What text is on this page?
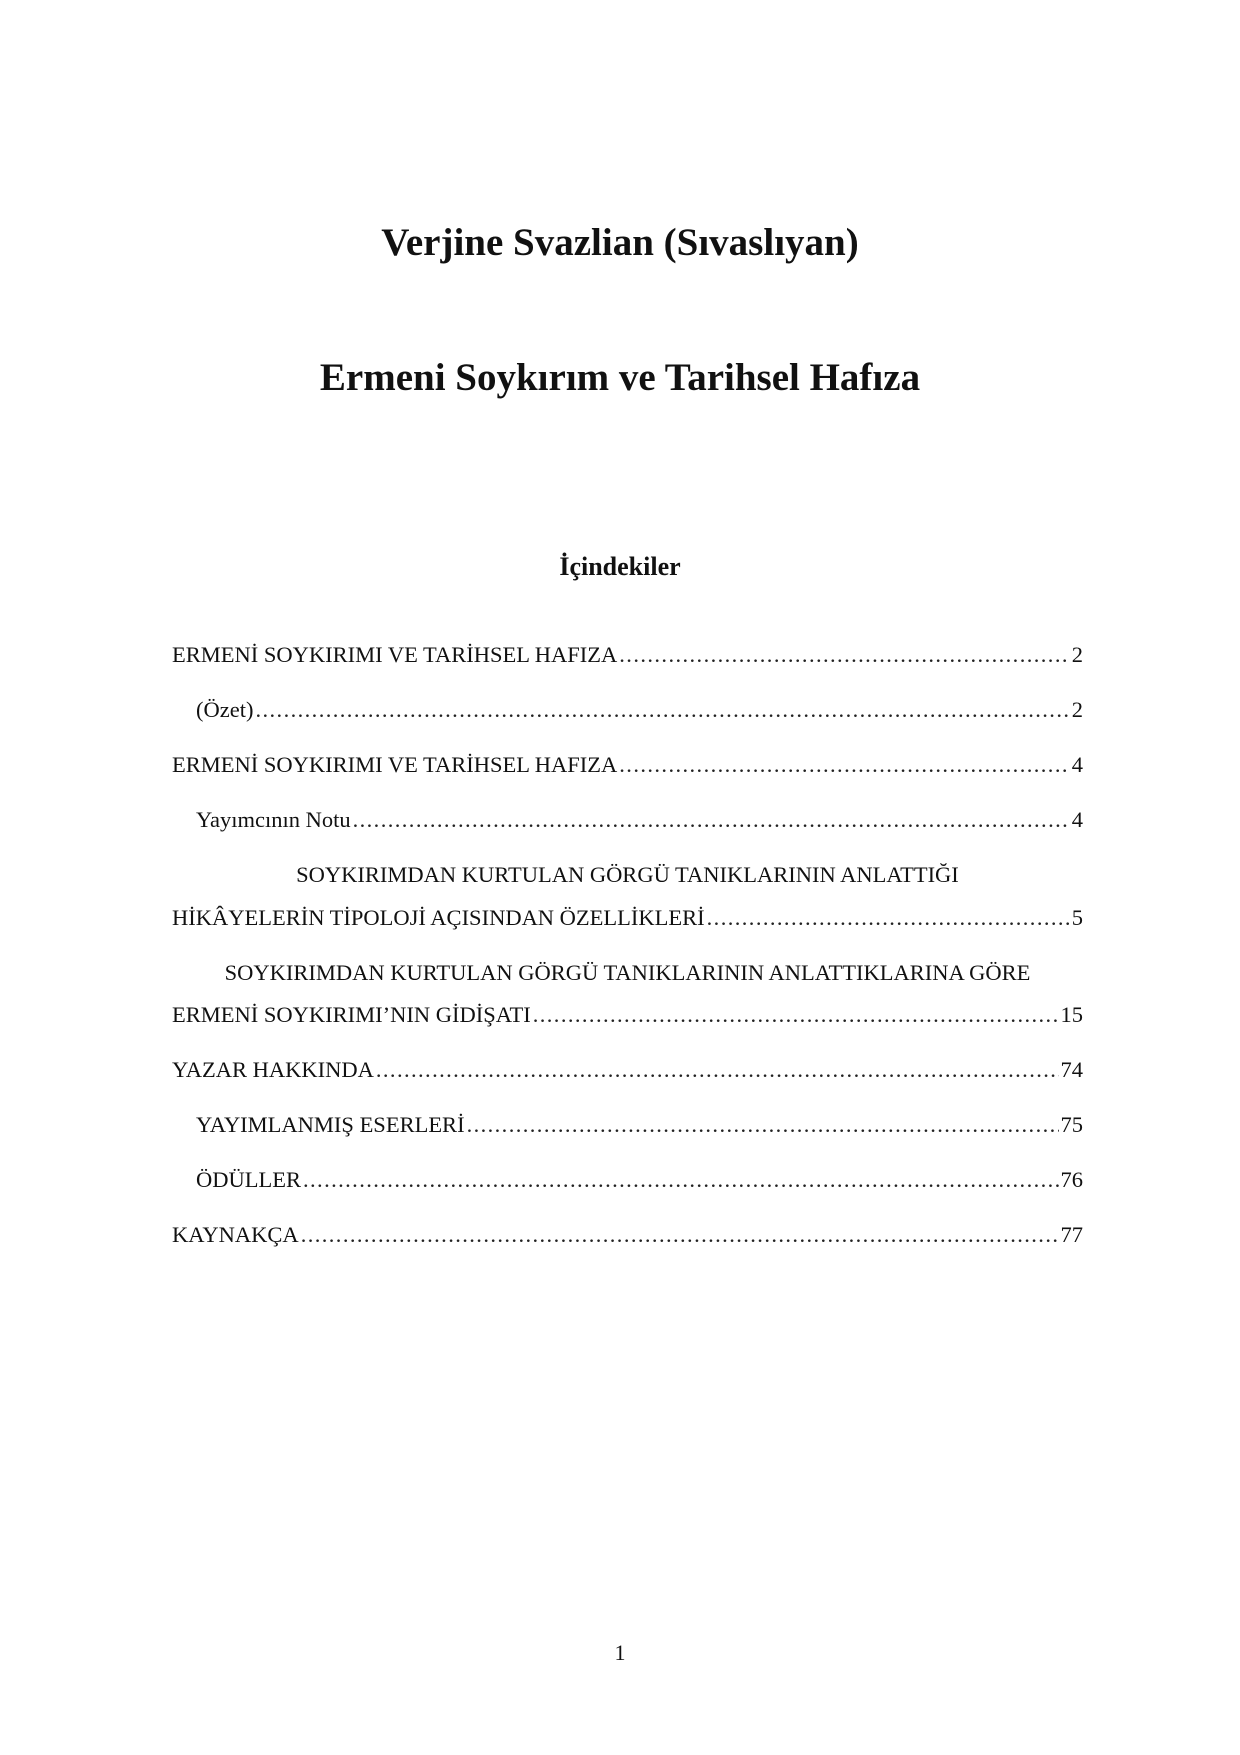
Verjine Svazlian (Sıvaslıyan)
Ermeni Soykırım ve Tarihsel Hafıza
İçindekiler
ERMENİ SOYKIRIMI VE TARİHSEL HAFIZA .....	2
(Özet) .....	2
ERMENİ SOYKIRIMI VE TARİHSEL HAFIZA .....	4
Yayımcının Notu .....	4
SOYKIRIMDAN KURTULAN GÖRGÜ TANIKLARININ ANLATTIĞI
HİKÂYELERİN TİPOLOJİ AÇISINDAN ÖZELLİKLERİ .....	5
SOYKIRIMDAN KURTULAN GÖRGÜ TANIKLARININ ANLATTIKLARINA GÖRE
ERMENİ SOYKIRIMI’NIN GİDİŞATI .....	15
YAZAR HAKKINDA .....	74
YAYIMLANMIŞ ESERLERİ .....	75
ÖDÜLLER .....	76
KAYNAKÇA .....	77
1
